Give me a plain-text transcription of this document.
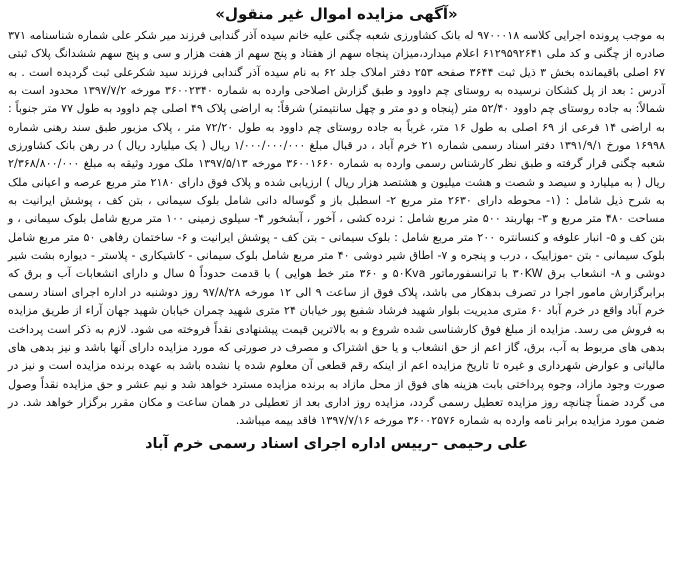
«آگهی مزایده اموال غیر منقول»

به موجب پرونده اجرایی کلاسه ۹۷۰۰۰۱۸ له بانک کشاورزی شعبه چگنی علیه خانم سیده آذر گندابی فرزند میر شکر علی شماره شناسنامه ۳۷۱ صادره از چگنی و کد ملی ۶۱۲۹۵۹۲۶۴۱ اعلام میدارد،میزان پنجاه سهم از هفتاد و پنج سهم از هفت هزار و سی و پنج سهم ششدانگ پلاک ثبتی ۶۷ اصلی باقیمانده بخش ۳ ذیل ثبت ۳۶۴۴ صفحه ۲۵۳ دفتر املاک جلد ۶۲ به نام سیده آذر گندابی فرزند سید شکرعلی ثبت گردیده است . به آدرس : بعد از پل کشکان نرسیده به روستای چم داوود و طبق گزارش اصلاحی وارده به شماره ۳۶۰۰۲۳۴۰ مورخه ۱۳۹۷/۷/۲ محدود است به شمالاً: به جاده روستای چم داوود ۵۲/۴۰ متر (پنجاه و دو متر و چهل سانتیمتر) شرقاً: به اراضی پلاک ۴۹ اصلی چم داوود به طول ۷۷ متر جنوباً : به اراضی ۱۴ فرعی از ۶۹ اصلی به طول ۱۶ متر، غرباً به جاده روستای چم داوود به طول ۷۲/۲۰ متر ، پلاک مزبور طبق سند رهنی شماره ۱۶۹۹۸ مورخ ۱۳۹۱/۹/۱ دفتر اسناد رسمی شماره ۲۱ خرم آباد ، در قبال مبلغ ۱/۰۰۰/۰۰۰/۰۰۰ ریال ( یک میلیارد ریال ) در رهن بانک کشاورزی شعبه چگنی قرار گرفته و طبق نظر کارشناس رسمی وارده به شماره ۳۶۰۰۱۶۶۰ مورخه ۱۳۹۷/۵/۱۳ ملک مورد وثیقه به مبلغ ۲/۳۶۸/۸۰۰/۰۰۰ ریال ( به میلیارد و سیصد و شصت و هشت میلیون و هشتصد هزار ریال ) ارزیابی شده و پلاک فوق دارای ۲۱۸۰ متر مربع عرصه و اعیانی ملک به شرح ذیل شامل : (۱- محوطه دارای ۲۶۳۰ متر مربع ۲- اسطبل باز و گوساله دانی شامل بلوک سیمانی ، بتن کف ، پوشش ایرانیت به مساحت ۴۸۰ متر مربع و ۳- بهاربند ۵۰۰ متر مربع شامل : نرده کشی ، آخور ، آبشخور ۴- سیلوی زمینی ۱۰۰ متر مربع شامل بلوک سیمانی ، و بتن کف و ۵- انبار علوفه و کنسانتره ۲۰۰ متر مربع شامل : بلوک سیمانی - بتن کف - پوشش ایرانیت و ۶- ساختمان رفاهی ۵۰ متر مربع شامل بلوک سیمانی - بتن -موزاییک ، درب و پنجره و ۷- اطاق شیر دوشی ۴۰ متر مربع شامل بلوک سیمانی - کاشیکاری - پلاستر - دیواره بشت شیر دوشی و ۸- انشعاب برق ۳۰KW با ترانسفورماتور ۵۰Kva و ۳۶۰ متر خط هوایی ) با قدمت حدوداً ۵ سال و دارای انشعابات آب و برق که برابرگزارش مامور اجرا در تصرف بدهکار می باشد، پلاک فوق از ساعت ۹ الی ۱۲ مورخه ۹۷/۸/۲۸ روز دوشنبه در اداره اجرای اسناد رسمی خرم آباد واقع در خرم آباد ۶۰ متری مدیریت بلوار شهید فرشاد شفیع پور خیابان ۲۴ متری شهید چمران خیابان شهید جهان آراء از طریق مزایده به فروش می رسد. مزایده از مبلغ فوق کارشناسی شده شروع و به بالاترین قیمت پیشنهادی نقداً فروخته می شود. لازم به ذکر است پرداخت بدهی های مربوط به آب، برق، گاز اعم از حق انشعاب و یا حق اشتراک و مصرف در صورتی که مورد مزایده دارای آنها باشد و نیز بدهی های مالیاتی و عوارض شهرداری و غیره تا تاریخ مزایده اعم از اینکه رقم قطعی آن معلوم شده یا نشده باشد به عهده برنده مزایده است و نیز در صورت وجود مازاد، وجوه پرداختی بابت هزینه های فوق از محل مازاد به برنده مزایده مسترد خواهد شد و نیم عشر و حق مزایده نقداً وصول می گردد ضمناً چنانچه روز مزایده تعطیل رسمی گردد، مزایده روز اداری بعد از تعطیلی در همان ساعت و مکان مقرر برگزار خواهد شد. در ضمن مورد مزایده برابر نامه وارده به شماره ۳۶۰۰۲۵۷۶ مورخه ۱۳۹۷/۷/۱۶ فاقد بیمه میباشد.

علی رحیمی –رییس اداره اجرای اسناد رسمی خرم آباد
